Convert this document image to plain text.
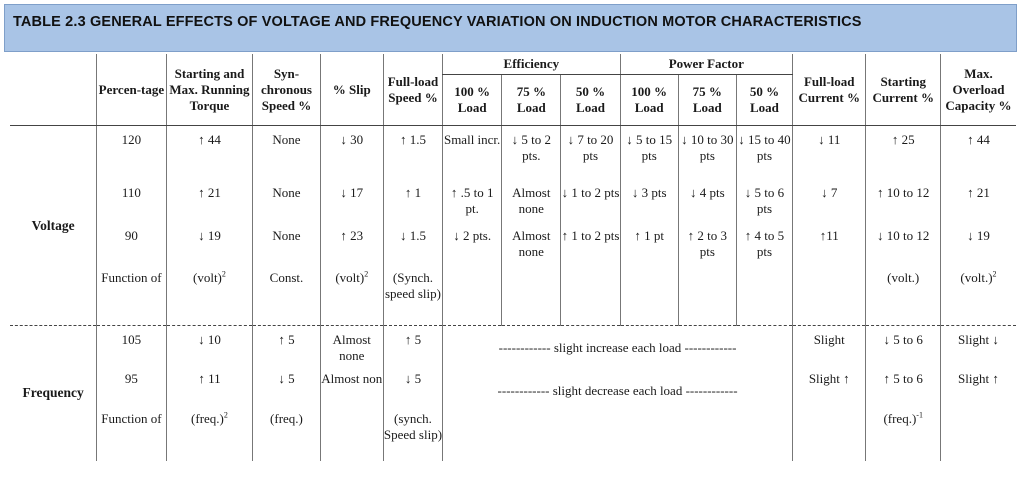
TABLE 2.3 GENERAL EFFECTS OF VOLTAGE AND FREQUENCY VARIATION ON INDUCTION MOTOR CHARACTERISTICS
	Percen-tage	Starting and Max. Running Torque	Syn-chronous Speed %	% Slip	Full-load Speed %	Efficiency			Power Factor			Full-load Current %	Starting Current %	Max. Overload Capacity %
						100 % Load	75 % Load	50 % Load	100 % Load	75 % Load	50 % Load			
Voltage	120	↑ 44	None	↓ 30	↑ 1.5	Small incr.	↓ 5 to 2 pts.	↓ 7 to 20 pts	↓ 5 to 15 pts	↓ 10 to 30 pts	↓ 15 to 40 pts	↓ 11	↑ 25	↑ 44
	110	↑ 21	None	↓ 17	↑ 1	↑ .5 to 1 pt.	Almost none	↓ 1 to 2 pts	↓ 3 pts	↓ 4 pts	↓ 5 to 6 pts	↓ 7	↑ 10 to 12	↑ 21
	90	↓ 19	None	↑ 23	↓ 1.5	↓ 2 pts.	Almost none	↑ 1 to 2 pts	↑ 1 pt	↑ 2 to 3 pts	↑ 4 to 5 pts	↑11	↓ 10 to 12	↓ 19
	Function of	(volt)$^2$	Const.	(volt)$^2$	(Synch. speed slip)								(volt.)	(volt.)$^2$
Frequency	105	↓ 10	↑ 5	Almost none	↑ 5	------------ slight increase each load ------------						Slight	↓ 5 to 6	Slight ↓
	95	↑ 11	↓ 5	Almost non	↓ 5	------------ slight decrease each load ------------						Slight ↑	↑ 5 to 6	Slight ↑
	Function of	(freq.)$^2$	(freq.)		(synch. Speed slip)								(freq.)$^{-1}$	
